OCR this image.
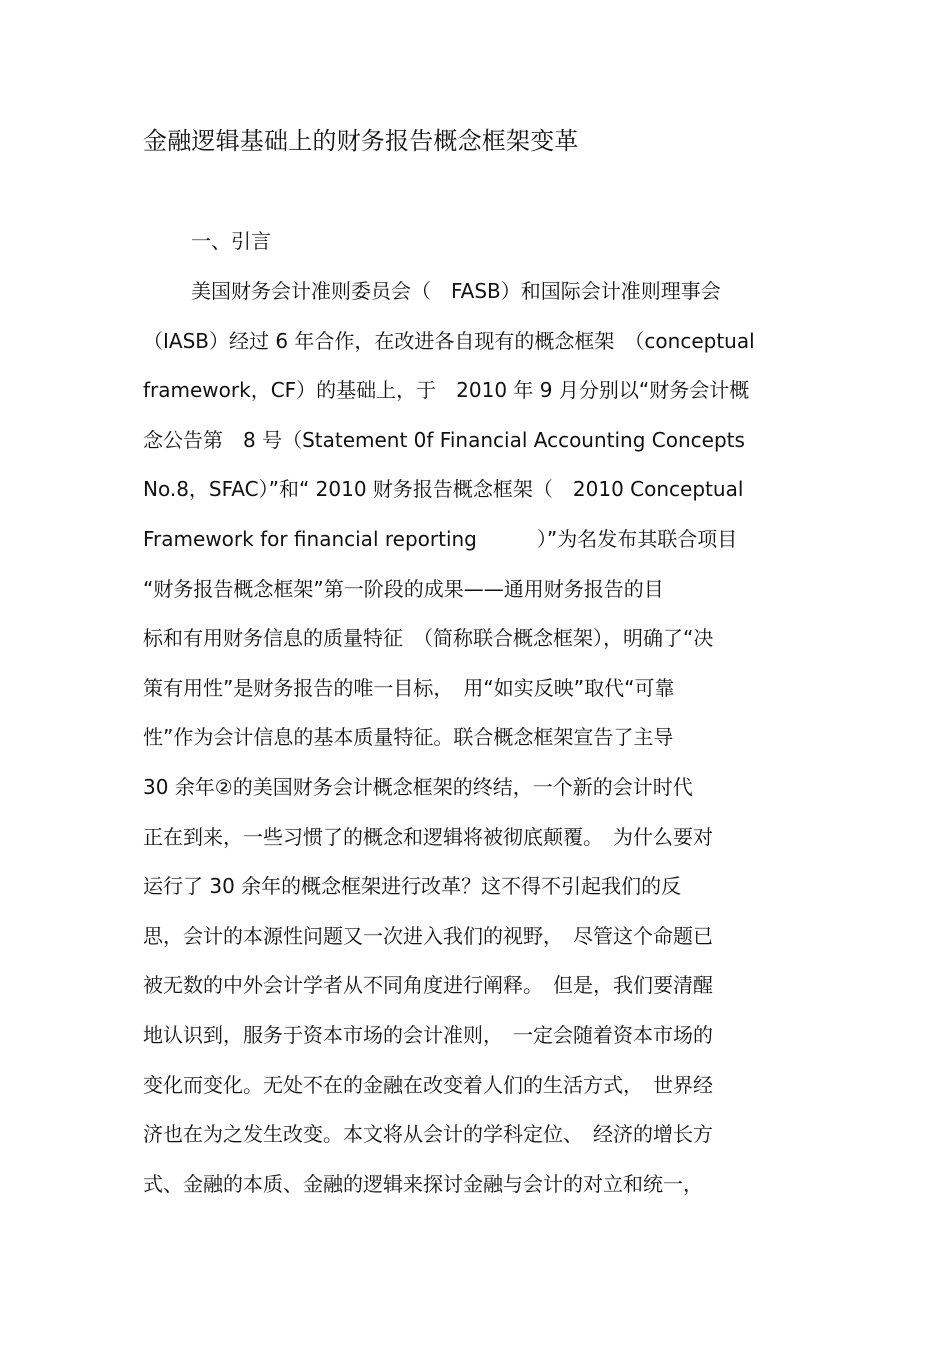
金融逻辑基础上的财务报告概念框架变革
一、引言
美国财务会计准则委员会（　FASB）和国际会计准则理事会
（IASB）经过 6 年合作，在改进各自现有的概念框架　（conceptual
framework，CF）的基础上，于　2010 年 9 月分别以“财务会计概
念公告第　8 号（Statement 0f Financial Accounting Concepts
No.8，SFAC）”和“ 2010 财务报告概念框架（　2010 Conceptual
Framework for financial reporting　　　）”为名发布其联合项目
“财务报告概念框架”第一阶段的成果——通用财务报告的目
标和有用财务信息的质量特征　（简称联合概念框架），明确了“决
策有用性”是财务报告的唯一目标，　用“如实反映”取代“可靠
性”作为会计信息的基本质量特征。联合概念框架宣告了主导
30 余年②的美国财务会计概念框架的终结，一个新的会计时代
正在到来，一些习惯了的概念和逻辑将被彻底颠覆。　为什么要对
运行了 30 余年的概念框架进行改革？这不得不引起我们的反
思，会计的本源性问题又一次进入我们的视野，　尽管这个命题已
被无数的中外会计学者从不同角度进行阐释。　但是，我们要清醒
地认识到，服务于资本市场的会计准则，　一定会随着资本市场的
变化而变化。无处不在的金融在改变着人们的生活方式，　世界经
济也在为之发生改变。本文将从会计的学科定位、　经济的增长方
式、金融的本质、金融的逻辑来探讨金融与会计的对立和统一，
